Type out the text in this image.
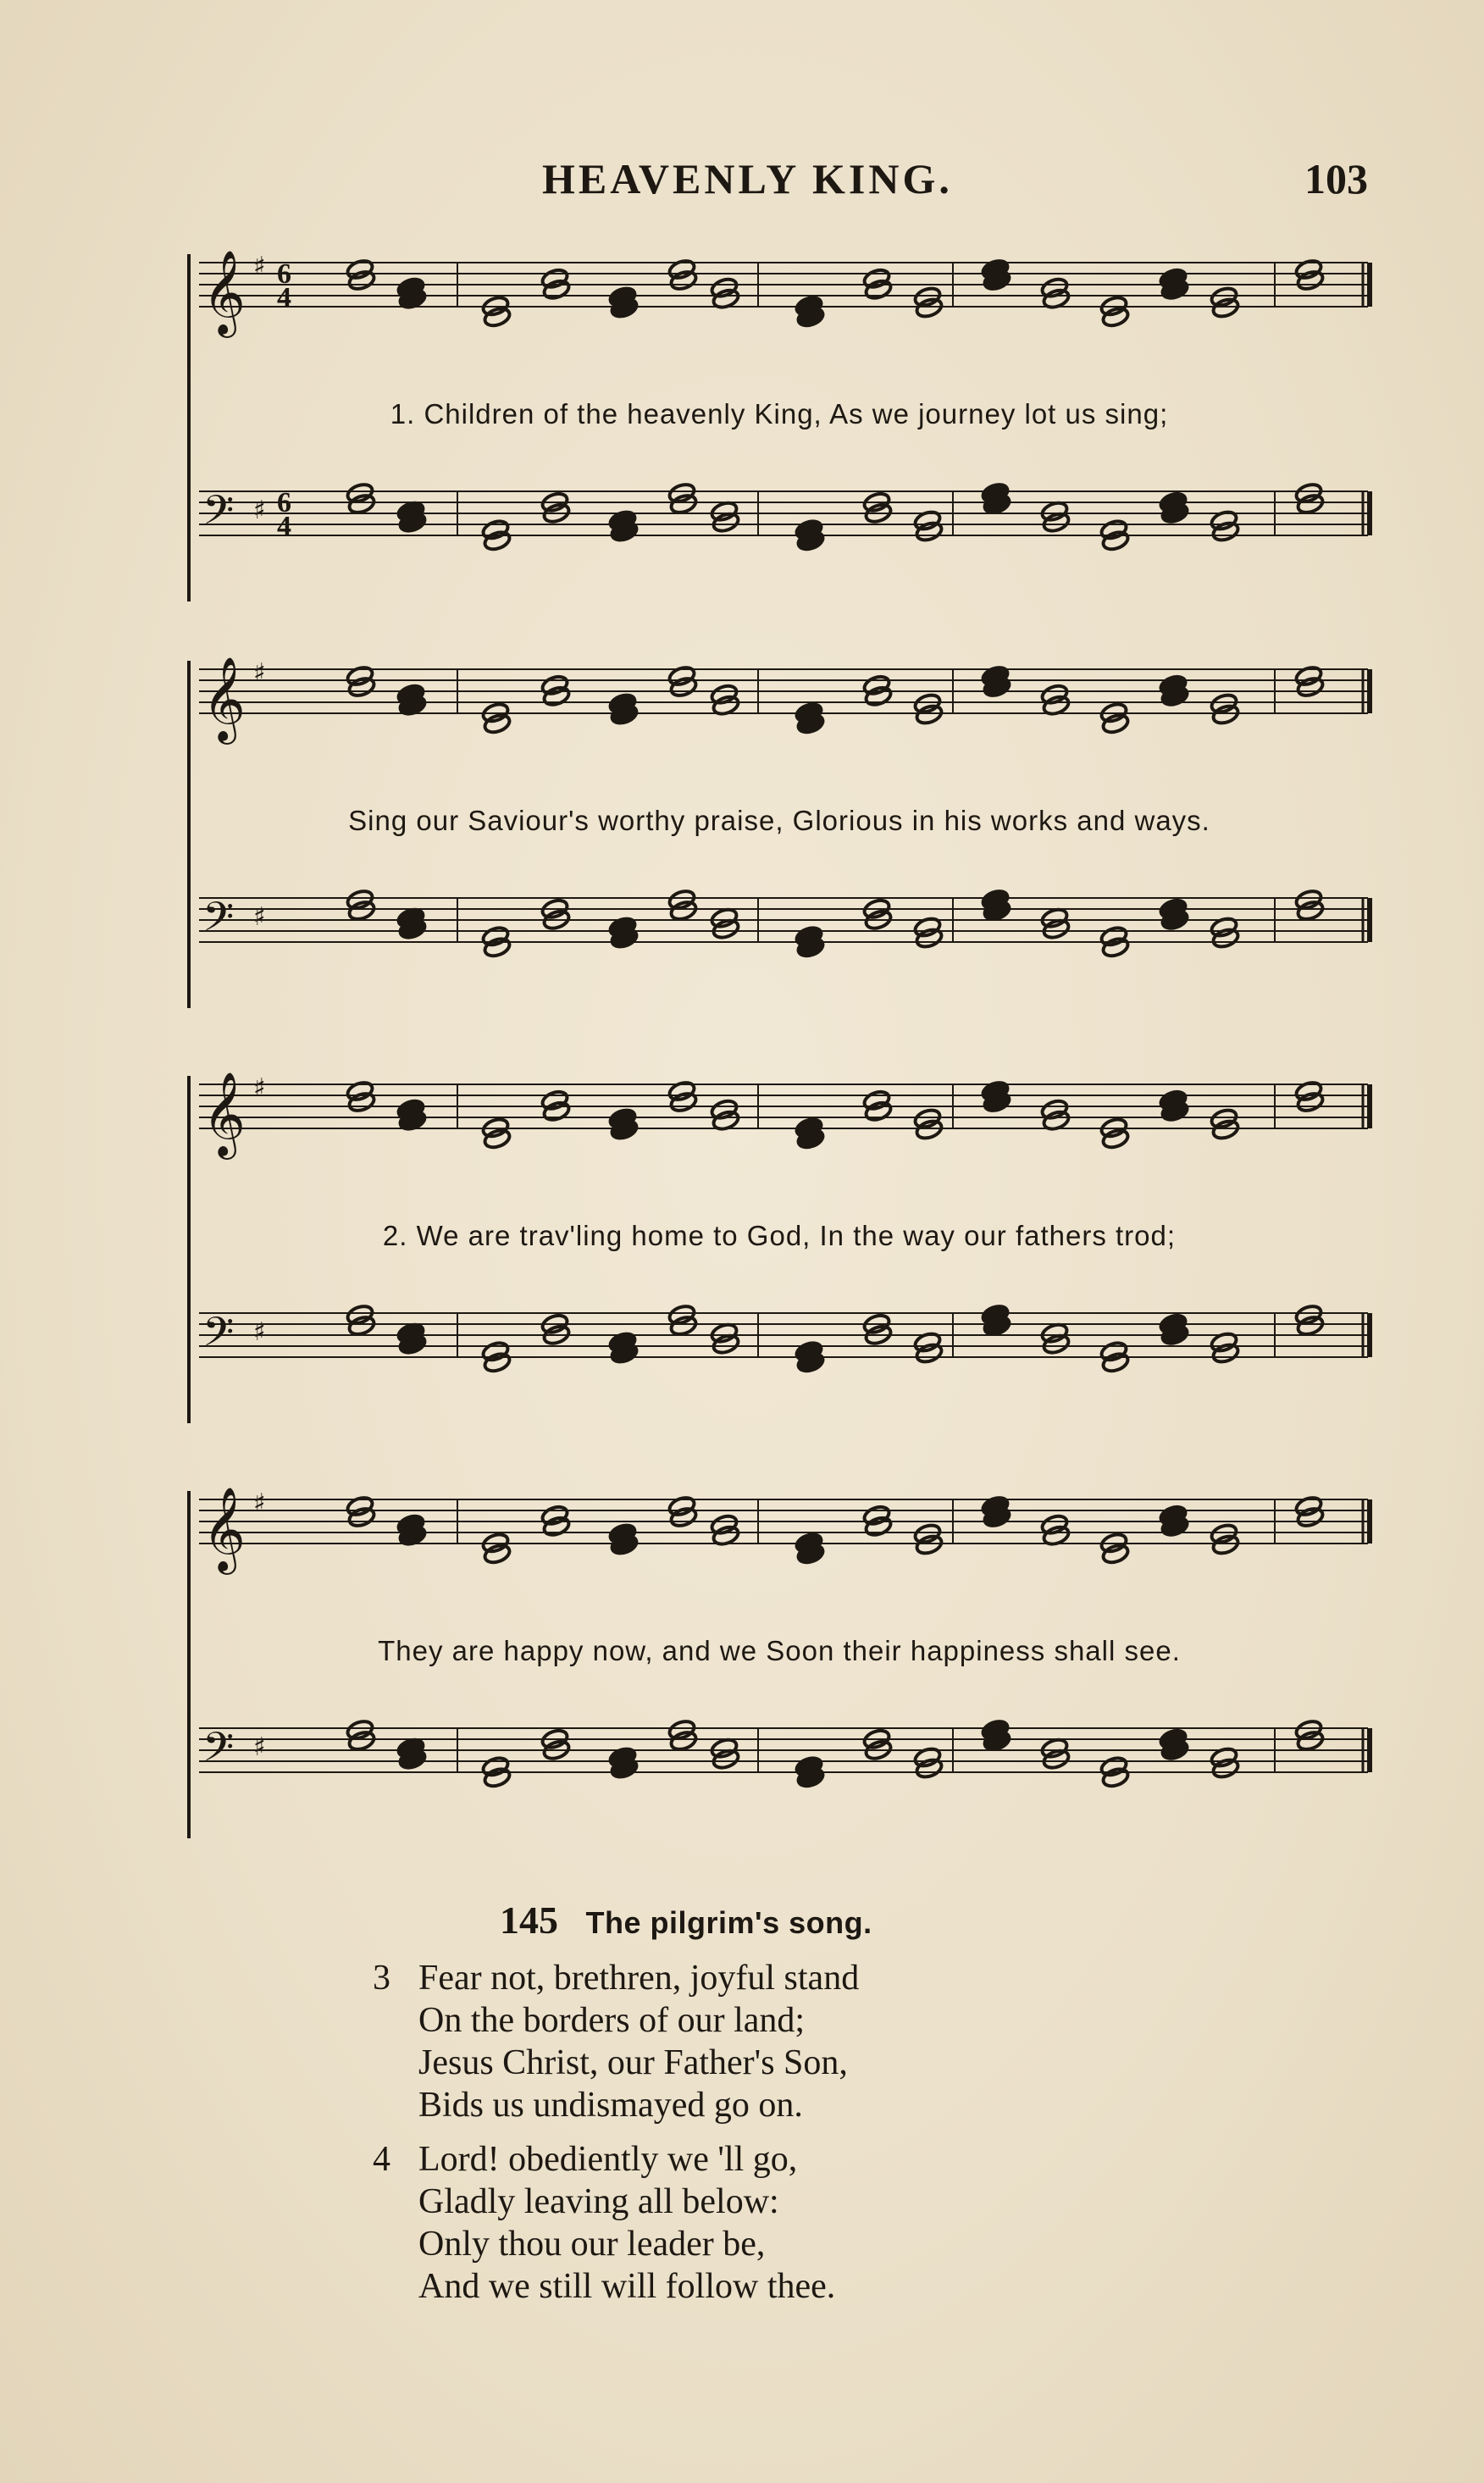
HEAVENLY KING.	103
𝄞 ♯ 6
4
𝄢 ♯ 6
4
1. Children of the heavenly King, As we journey lot us sing;
𝄞 ♯
𝄢 ♯
Sing our Saviour's worthy praise, Glorious in his works and ways.
𝄞 ♯
𝄢 ♯
2. We are trav'ling home to God, In the way our fathers trod;
𝄞 ♯
𝄢 ♯
They are happy now, and we Soon their happiness shall see.
145 The pilgrim's song.
3 Fear not, brethren, joyful stand
On the borders of our land;
Jesus Christ, our Father's Son,
Bids us undismayed go on.
4 Lord! obediently we 'll go,
Gladly leaving all below:
Only thou our leader be,
And we still will follow thee.
